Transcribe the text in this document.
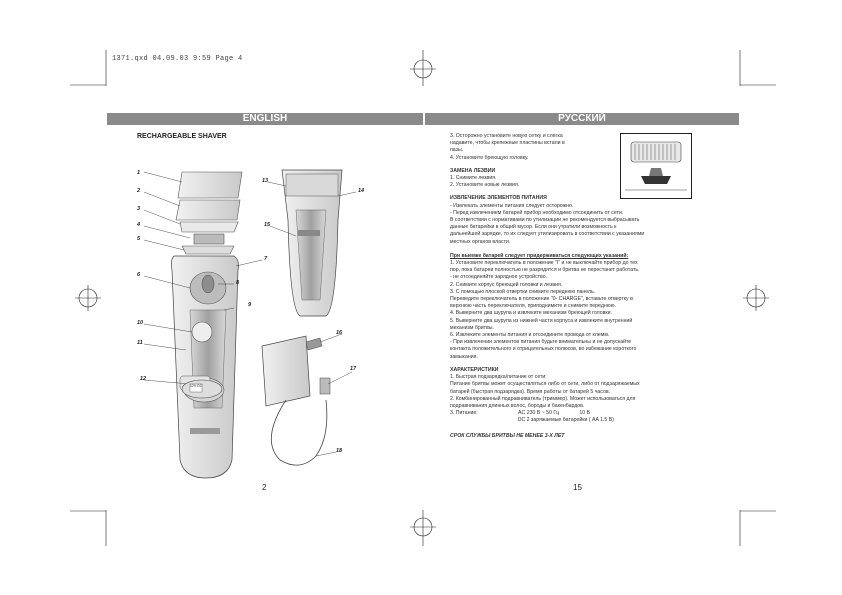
1371.qxd 04.09.03 9:59 Page 4
ENGLISH	РУССКИЙ
RECHARGEABLE SHAVER
1
2
3
4
5
6
7
8
9
10
11
12
13
14
15
16
17
18
12V DC
2

3. Осторожно установите новую сетку и слегка

надавите, чтобы крепежные пластины встали в

пазы.

4. Установите бреющую головку.

ЗАМЕНА ЛЕЗВИЙ

1. Снимите лезвия.

2. Установите новые лезвия.

ИЗВЛЕЧЕНИЕ ЭЛЕМЕНТОВ ПИТАНИЯ

- Извлекать элементы питания следует осторожно.

- Перед извлечением батарей прибор необходимо отсоединить от сети.

В соответствии с нормативами по утилизации не рекомендуется выбрасывать

данные батарейки в общий мусор. Если они утратили возможность к

дальнейшей зарядке, то их следует утилизировать в соответствии с указаниями

местных органов власти.

При выемке батарей следует придерживаться следующих указаний:

1. Установите переключатель в положение "I" и не выключайте прибор до тех

пор, пока батареи полностью не разрядятся и бритва не перестанет работать.

- не отсоединяйте зарядное устройство.

2. Снимите корпус бреющей головки и лезвия.

3. С помощью плоской отвертки снимите переднюю панель.

Переведите переключатель в положение "0- CHARGE", вставьте отвертку в

верхнюю часть переключателя, приподнимите и снимите переднюю.

4. Выверните два шурупа и извлеките механизм бреющей головки.

5. Выверните два шурупа из нижней части корпуса и извлеките внутренний

механизм бритвы.

6. Извлеките элементы питания и отсоедините провода от клемм.

- При извлечении элементов питания будьте внимательны и не допускайте

контакта положительного и отрицательных полюсов, во избежание короткого

замыкания.

ХАРАКТЕРИСТИКИ

1. Быстрая подзарядка/питание от сети:

Питание бритвы может осуществляться либо от сети, либо от подзаряжаемых

батарей (быстрая подзарядка). Время работы от батарей 5 часов.

2. Комбинированный подравниватель (триммер). Может использоваться для

подравнивания длинных волос, бороды и бакенбардов.

3. Питание:                            AC 230 В ~ 50 Гц              10 В

DC 2 заряжаемые батарейки ( AA 1.5 В)

СРОК СЛУЖБЫ БРИТВЫ НЕ МЕНЕЕ 3-Х ЛЕТ

15
